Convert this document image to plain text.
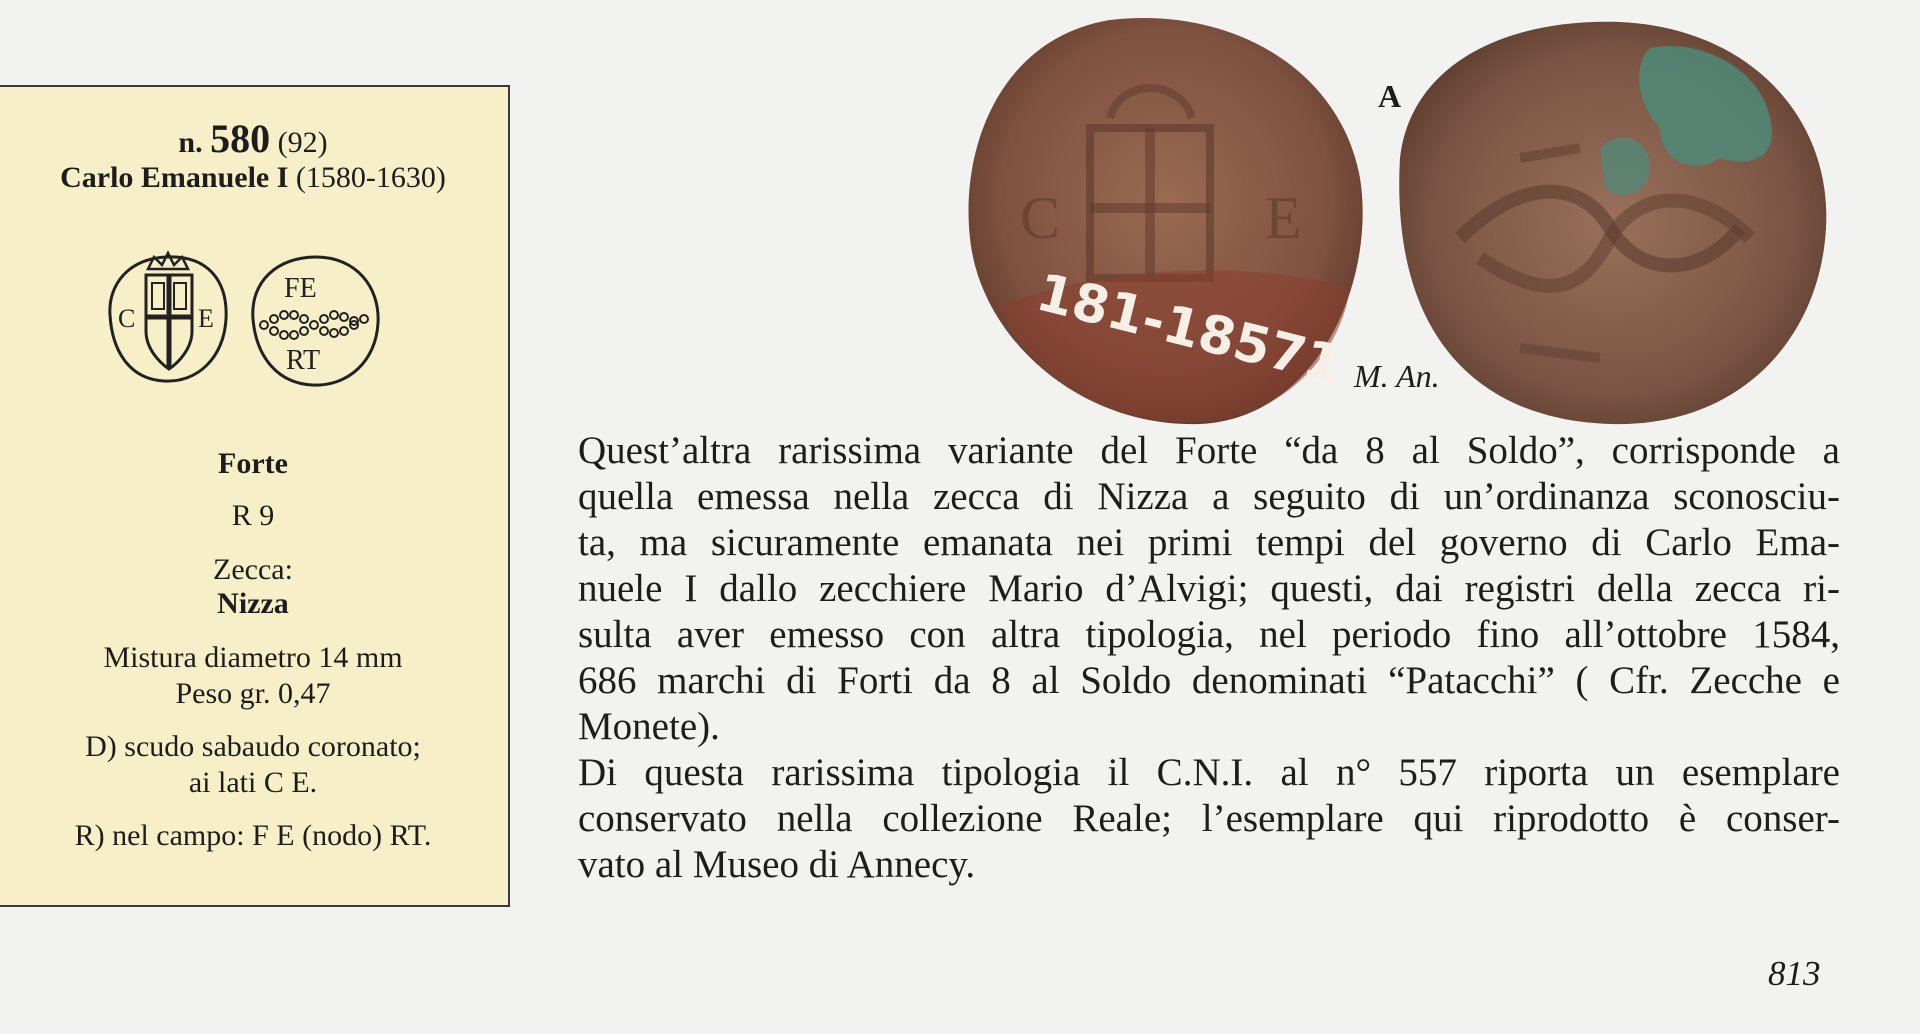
n. 580 (92)
Carlo Emanuele I (1580-1630)
C E
FE
RT
Forte
R 9
Zecca:
Nizza
Mistura diametro 14 mm
Peso gr. 0,47
D) scudo sabaudo coronato;
ai lati C E.
R) nel campo: F E (nodo) RT.
C	E
181-18571
A
M. An.
Quest’altra rarissima variante del Forte “da 8 al Soldo”, corrisponde a
quella emessa nella zecca di Nizza a seguito di un’ordinanza sconosciu-
ta, ma sicuramente emanata nei primi tempi del governo di Carlo Ema-
nuele I dallo zecchiere Mario d’Alvigi; questi, dai registri della zecca ri-
sulta aver emesso con altra tipologia, nel periodo fino all’ottobre 1584,
686 marchi di Forti da 8 al Soldo denominati “Patacchi” ( Cfr. Zecche e
Monete).
Di questa rarissima tipologia il C.N.I. al n° 557 riporta un esemplare
conservato nella collezione Reale; l’esemplare qui riprodotto è conser-
vato al Museo di Annecy.
813
